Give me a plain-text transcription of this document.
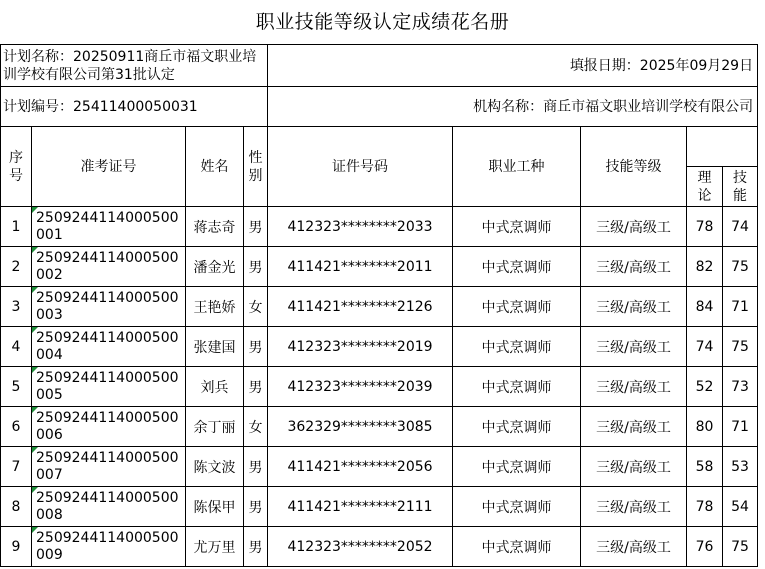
职业技能等级认定成绩花名册
计划名称：20250911商丘市福文职业培训学校有限公司第31批认定				填报日期：2025年09月29日				
计划编号：25411400050031				机构名称：商丘市福文职业培训学校有限公司				
序号	准考证号	姓名	性别	证件号码	职业工种	技能等级		
							理论	技能
1	2509244114000500001	蒋志奇	男	412323********2033	中式烹调师	三级/高级工	78	74
2	2509244114000500002	潘金光	男	411421********2011	中式烹调师	三级/高级工	82	75
3	2509244114000500003	王艳娇	女	411421********2126	中式烹调师	三级/高级工	84	71
4	2509244114000500004	张建国	男	412323********2019	中式烹调师	三级/高级工	74	75
5	2509244114000500005	刘兵	男	412323********2039	中式烹调师	三级/高级工	52	73
6	2509244114000500006	余丁丽	女	362329********3085	中式烹调师	三级/高级工	80	71
7	2509244114000500007	陈文波	男	411421********2056	中式烹调师	三级/高级工	58	53
8	2509244114000500008	陈保甲	男	411421********2111	中式烹调师	三级/高级工	78	54
9	2509244114000500009	尤万里	男	412323********2052	中式烹调师	三级/高级工	76	75
